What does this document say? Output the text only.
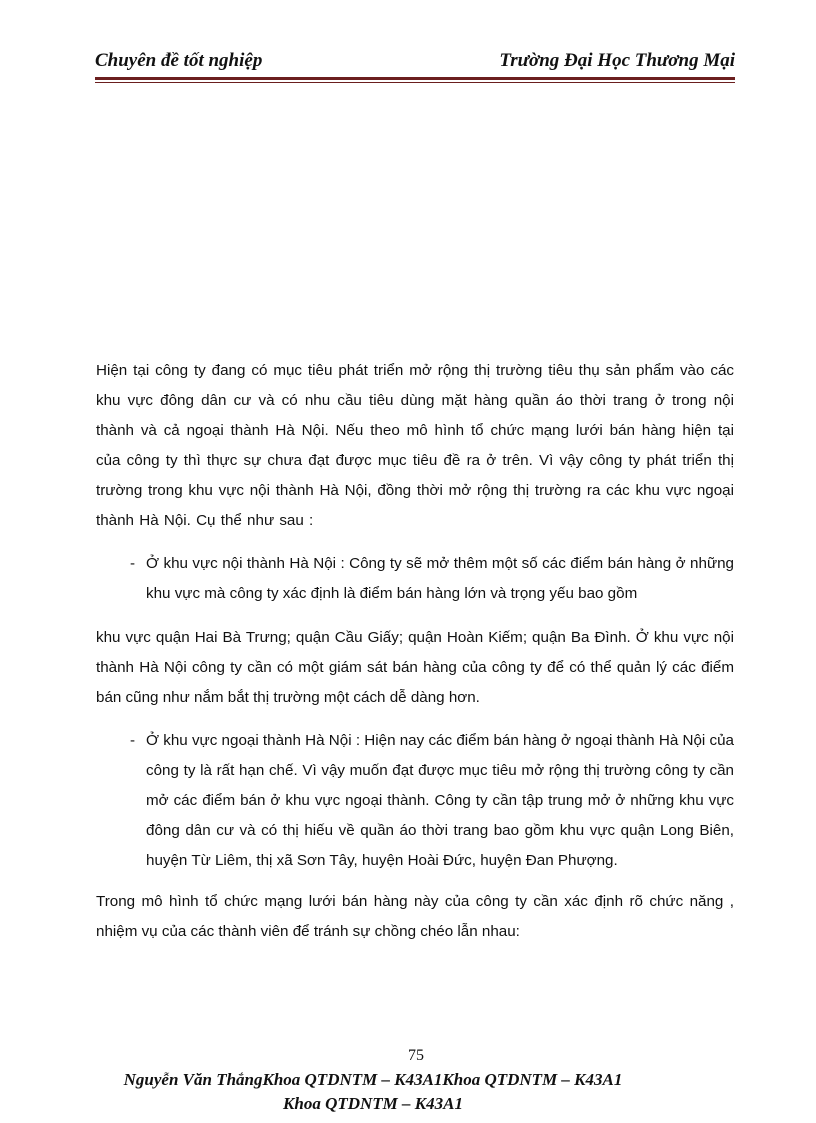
Chuyên đề tốt nghiệp	Trường Đại Học Thương Mại

Hiện tại công ty đang có mục tiêu phát triển mở rộng thị trường tiêu thụ sản phẩm vào các khu vực đông dân cư và có nhu cầu tiêu dùng mặt hàng quần áo thời trang ở trong nội thành và cả ngoại thành Hà Nội. Nếu theo mô hình tổ chức mạng lưới bán hàng hiện tại của công ty thì thực sự chưa đạt được mục tiêu đề ra ở trên. Vì vậy công ty phát triển thị trường trong khu vực nội thành Hà Nội, đồng thời mở rộng thị trường ra các khu vực ngoại thành Hà Nội. Cụ thể như sau :

- Ở khu vực nội thành Hà Nội : Công ty sẽ mở thêm một số các điểm bán hàng ở những khu vực mà công ty xác định là điểm bán hàng lớn và trọng yếu bao gồm

khu vực quận Hai Bà Trưng; quận Cầu Giấy; quận Hoàn Kiếm; quận Ba Đình. Ở khu vực nội thành Hà Nội công ty cần có một giám sát bán hàng của công ty để có thể quản lý các điểm bán cũng như nắm bắt thị trường một cách dễ dàng hơn.

- Ở khu vực ngoại thành Hà Nội : Hiện nay các điểm bán hàng ở ngoại thành Hà Nội của công ty là rất hạn chế. Vì vậy muốn đạt được mục tiêu mở rộng thị trường công ty cần mở các điểm bán ở khu vực ngoại thành. Công ty cần tập trung mở ở những khu vực đông dân cư và có thị hiếu về quần áo thời trang bao gồm khu vực quận Long Biên, huyện Từ Liêm, thị xã Sơn Tây, huyện Hoài Đức, huyện Đan Phượng.

Trong mô hình tổ chức mạng lưới bán hàng này của công ty cần xác định rõ chức năng , nhiệm vụ của các thành viên để tránh sự chồng chéo lẫn nhau:

75
Nguyễn Văn ThắngKhoa QTDNTM – K43A1Khoa QTDNTM – K43A1
Khoa QTDNTM – K43A1
